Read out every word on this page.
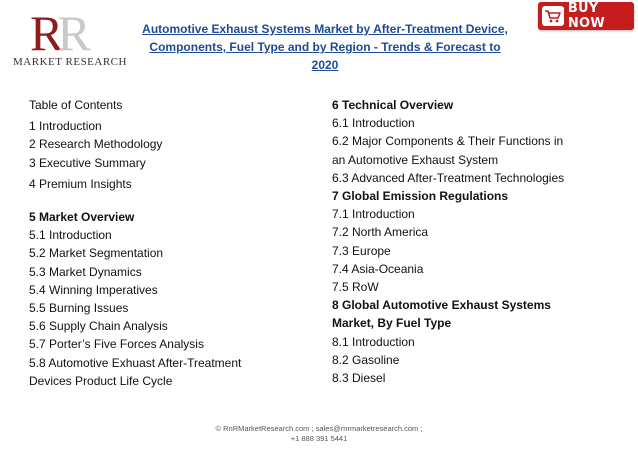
RR
MARKET RESEARCH
Automotive Exhaust Systems Market by After-Treatment Device, Components, Fuel Type and by Region - Trends & Forecast to 2020
BUY NOW
Table of Contents
1 Introduction
2 Research Methodology
3 Executive Summary
4 Premium Insights
5 Market Overview
5.1 Introduction
5.2 Market Segmentation
5.3 Market Dynamics
5.4 Winning Imperatives
5.5 Burning Issues
5.6 Supply Chain Analysis
5.7 Porter’s Five Forces Analysis
5.8 Automotive Exhuast After-Treatment
Devices Product Life Cycle
6 Technical Overview
6.1 Introduction
6.2 Major Components & Their Functions in
an Automotive Exhaust System
6.3 Advanced After-Treatment Technologies
7 Global Emission Regulations
7.1 Introduction
7.2 North America
7.3 Europe
7.4 Asia-Oceania
7.5 RoW
8 Global Automotive Exhaust Systems
Market, By Fuel Type
8.1 Introduction
8.2 Gasoline
8.3 Diesel
© RnRMarketResearch.com ; sales@rnrmarketresearch.com ;
+1 888 391 5441
